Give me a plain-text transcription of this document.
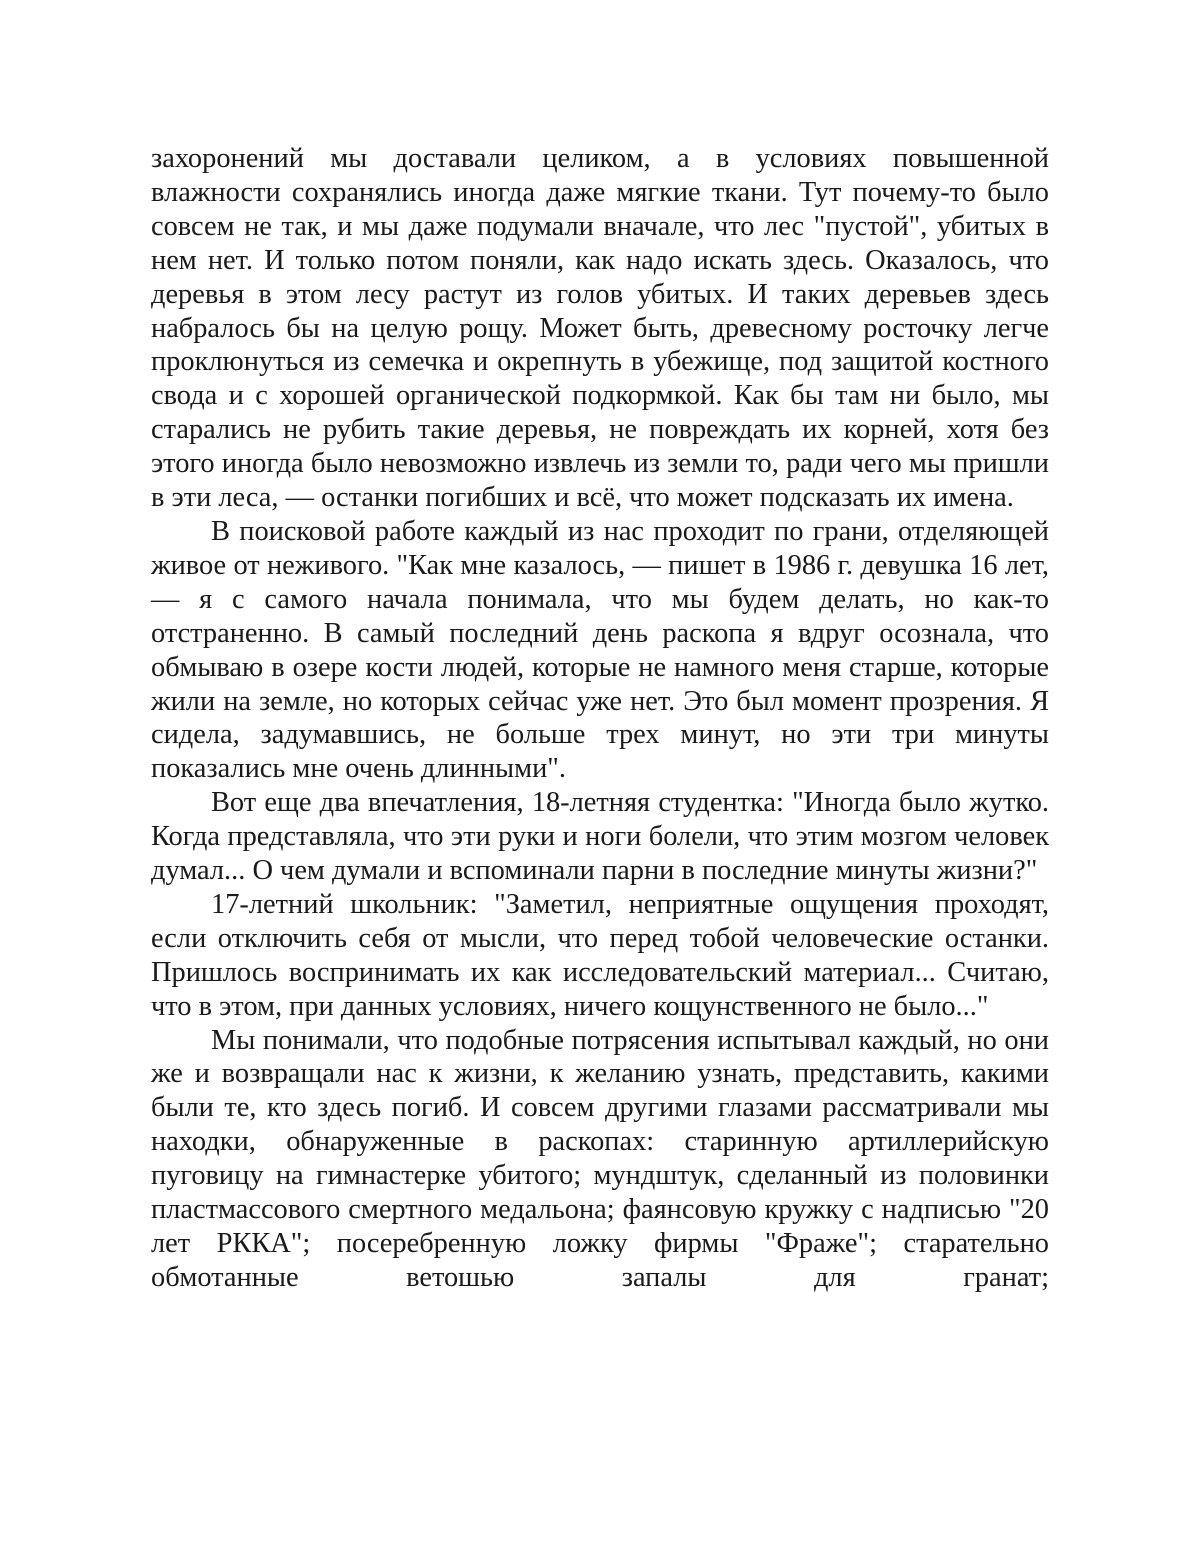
захоронений мы доставали целиком, а в условиях повышенной влажности сохранялись иногда даже мягкие ткани. Тут почему-то было совсем не так, и мы даже подумали вначале, что лес "пустой", убитых в нем нет. И только потом поняли, как надо искать здесь. Оказалось, что деревья в этом лесу растут из голов убитых. И таких деревьев здесь набралось бы на целую рощу. Может быть, древесному росточку легче проклюнуться из семечка и окрепнуть в убежище, под защитой костного свода и с хорошей органической подкормкой. Как бы там ни было, мы старались не рубить такие деревья, не повреждать их корней, хотя без этого иногда было невозможно извлечь из земли то, ради чего мы пришли в эти леса, — останки погибших и всё, что может подсказать их имена.

В поисковой работе каждый из нас проходит по грани, отделяющей живое от неживого. "Как мне казалось, — пишет в 1986 г. девушка 16 лет, — я с самого начала понимала, что мы будем делать, но как-то отстраненно. В самый последний день раскопа я вдруг осознала, что обмываю в озере кости людей, которые не намного меня старше, которые жили на земле, но которых сейчас уже нет. Это был момент прозрения. Я сидела, задумавшись, не больше трех минут, но эти три минуты показались мне очень длинными".

Вот еще два впечатления, 18-летняя студентка: "Иногда было жутко. Когда представляла, что эти руки и ноги болели, что этим мозгом человек думал... О чем думали и вспоминали парни в последние минуты жизни?"

17-летний школьник: "Заметил, неприятные ощущения проходят, если отключить себя от мысли, что перед тобой человеческие останки. Пришлось воспринимать их как исследовательский материал... Считаю, что в этом, при данных условиях, ничего кощунственного не было..."

Мы понимали, что подобные потрясения испытывал каждый, но они же и возвращали нас к жизни, к желанию узнать, представить, какими были те, кто здесь погиб. И совсем другими глазами рассматривали мы находки, обнаруженные в раскопах: старинную артиллерийскую пуговицу на гимнастерке убитого; мундштук, сделанный из половинки пластмассового смертного медальона; фаянсовую кружку с надписью "20 лет РККА"; посеребренную ложку фирмы "Фраже"; старательно обмотанные ветошью запалы для гранат;
